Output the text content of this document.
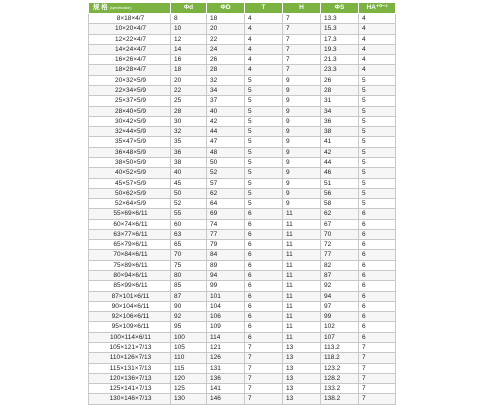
规 格 (specification)	Φd	ΦD	T	H	ΦS	HA⁺⁰⁻³
8×18×4/7	8	18	4	7	13.3	4
10×20×4/7	10	20	4	7	15.3	4
12×22×4/7	12	22	4	7	17.3	4
14×24×4/7	14	24	4	7	19.3	4
16×26×4/7	16	26	4	7	21.3	4
18×28×4/7	18	28	4	7	23.3	4
20×32×5/9	20	32	5	9	26	5
22×34×5/9	22	34	5	9	28	5
25×37×5/9	25	37	5	9	31	5
28×40×5/9	28	40	5	9	34	5
30×42×5/9	30	42	5	9	36	5
32×44×5/9	32	44	5	9	38	5
35×47×5/9	35	47	5	9	41	5
36×48×5/9	36	48	5	9	42	5
38×50×5/9	38	50	5	9	44	5
40×52×5/9	40	52	5	9	46	5
45×57×5/9	45	57	5	9	51	5
50×62×5/9	50	62	5	9	56	5
52×64×5/9	52	64	5	9	58	5
55×69×6/11	55	69	6	11	62	6
60×74×6/11	60	74	6	11	67	6
63×77×6/11	63	77	6	11	70	6
65×79×6/11	65	79	6	11	72	6
70×84×6/11	70	84	6	11	77	6
75×89×6/11	75	89	6	11	82	6
80×94×6/11	80	94	6	11	87	6
85×99×6/11	85	99	6	11	92	6
87×101×6/11	87	101	6	11	94	6
90×104×6/11	90	104	6	11	97	6
92×106×6/11	92	106	6	11	99	6
95×109×6/11	95	109	6	11	102	6
100×114×6/11	100	114	6	11	107	6
105×121×7/13	105	121	7	13	113.2	7
110×126×7/13	110	126	7	13	118.2	7
115×131×7/13	115	131	7	13	123.2	7
120×136×7/13	120	136	7	13	128.2	7
125×141×7/13	125	141	7	13	133.2	7
130×146×7/13	130	146	7	13	138.2	7
